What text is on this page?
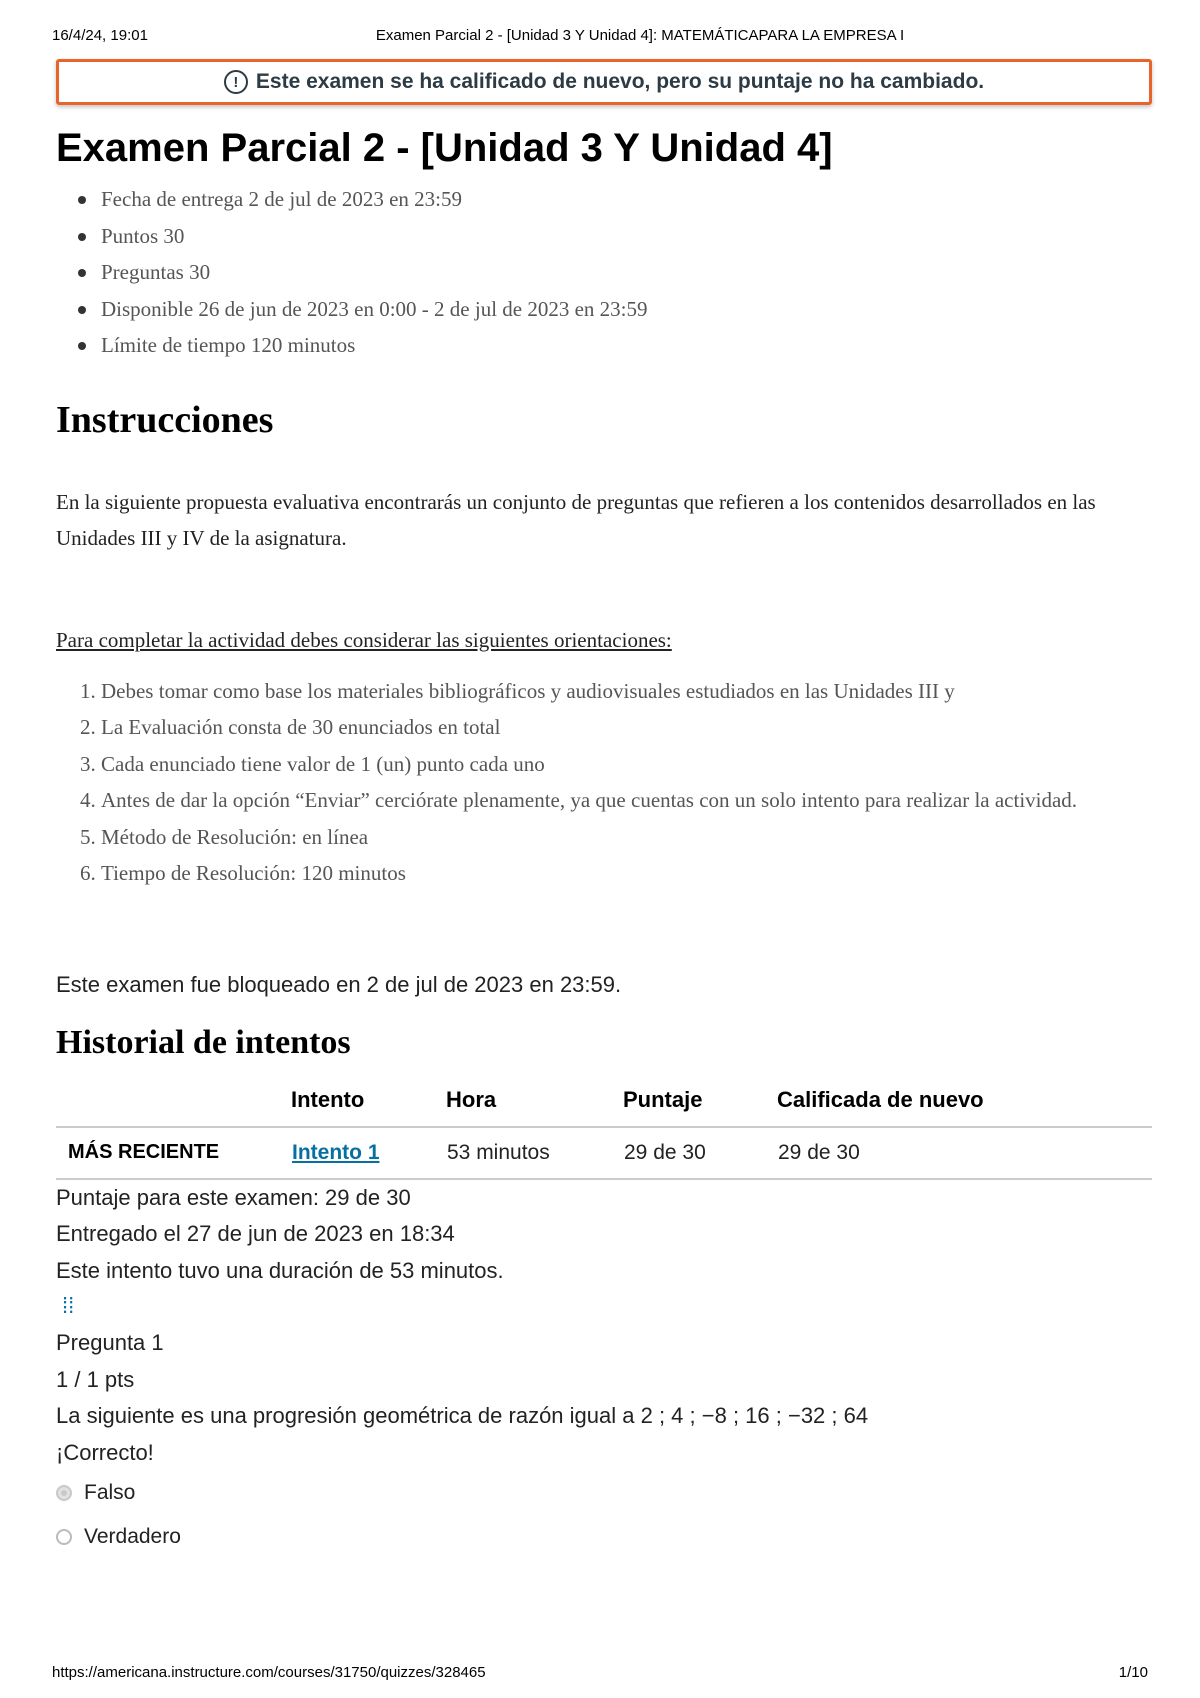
16/4/24, 19:01	Examen Parcial 2 - [Unidad 3 Y Unidad 4]: MATEMÁTICAPARA LA EMPRESA I
! Este examen se ha calificado de nuevo, pero su puntaje no ha cambiado.
Examen Parcial 2 - [Unidad 3 Y Unidad 4]
Fecha de entrega 2 de jul de 2023 en 23:59
Puntos 30
Preguntas 30
Disponible 26 de jun de 2023 en 0:00 - 2 de jul de 2023 en 23:59
Límite de tiempo 120 minutos
Instrucciones

En la siguiente propuesta evaluativa encontrarás un conjunto de preguntas que refieren a los contenidos desarrollados en las Unidades III y IV de la asignatura.

Para completar la actividad debes considerar las siguientes orientaciones:

1. Debes tomar como base los materiales bibliográficos y audiovisuales estudiados en las Unidades III y
2. La Evaluación consta de 30 enunciados en total
3. Cada enunciado tiene valor de 1 (un) punto cada uno
4. Antes de dar la opción “Enviar” cerciórate plenamente, ya que cuentas con un solo intento para realizar la actividad.
5. Método de Resolución: en línea
6. Tiempo de Resolución: 120 minutos

Este examen fue bloqueado en 2 de jul de 2023 en 23:59.

Historial de intentos
	Intento	Hora	Puntaje	Calificada de nuevo
MÁS RECIENTE	Intento 1	53 minutos	29 de 30	29 de 30

Puntaje para este examen: 29 de 30

Entregado el 27 de jun de 2023 en 18:34

Este intento tuvo una duración de 53 minutos.

⁞⁞

Pregunta 1

1 / 1 pts

La siguiente es una progresión geométrica de razón igual a 2 ; 4 ; −8 ; 16 ; −32 ; 64

¡Correcto!

Falso
Verdadero
https://americana.instructure.com/courses/31750/quizzes/328465	1/10
